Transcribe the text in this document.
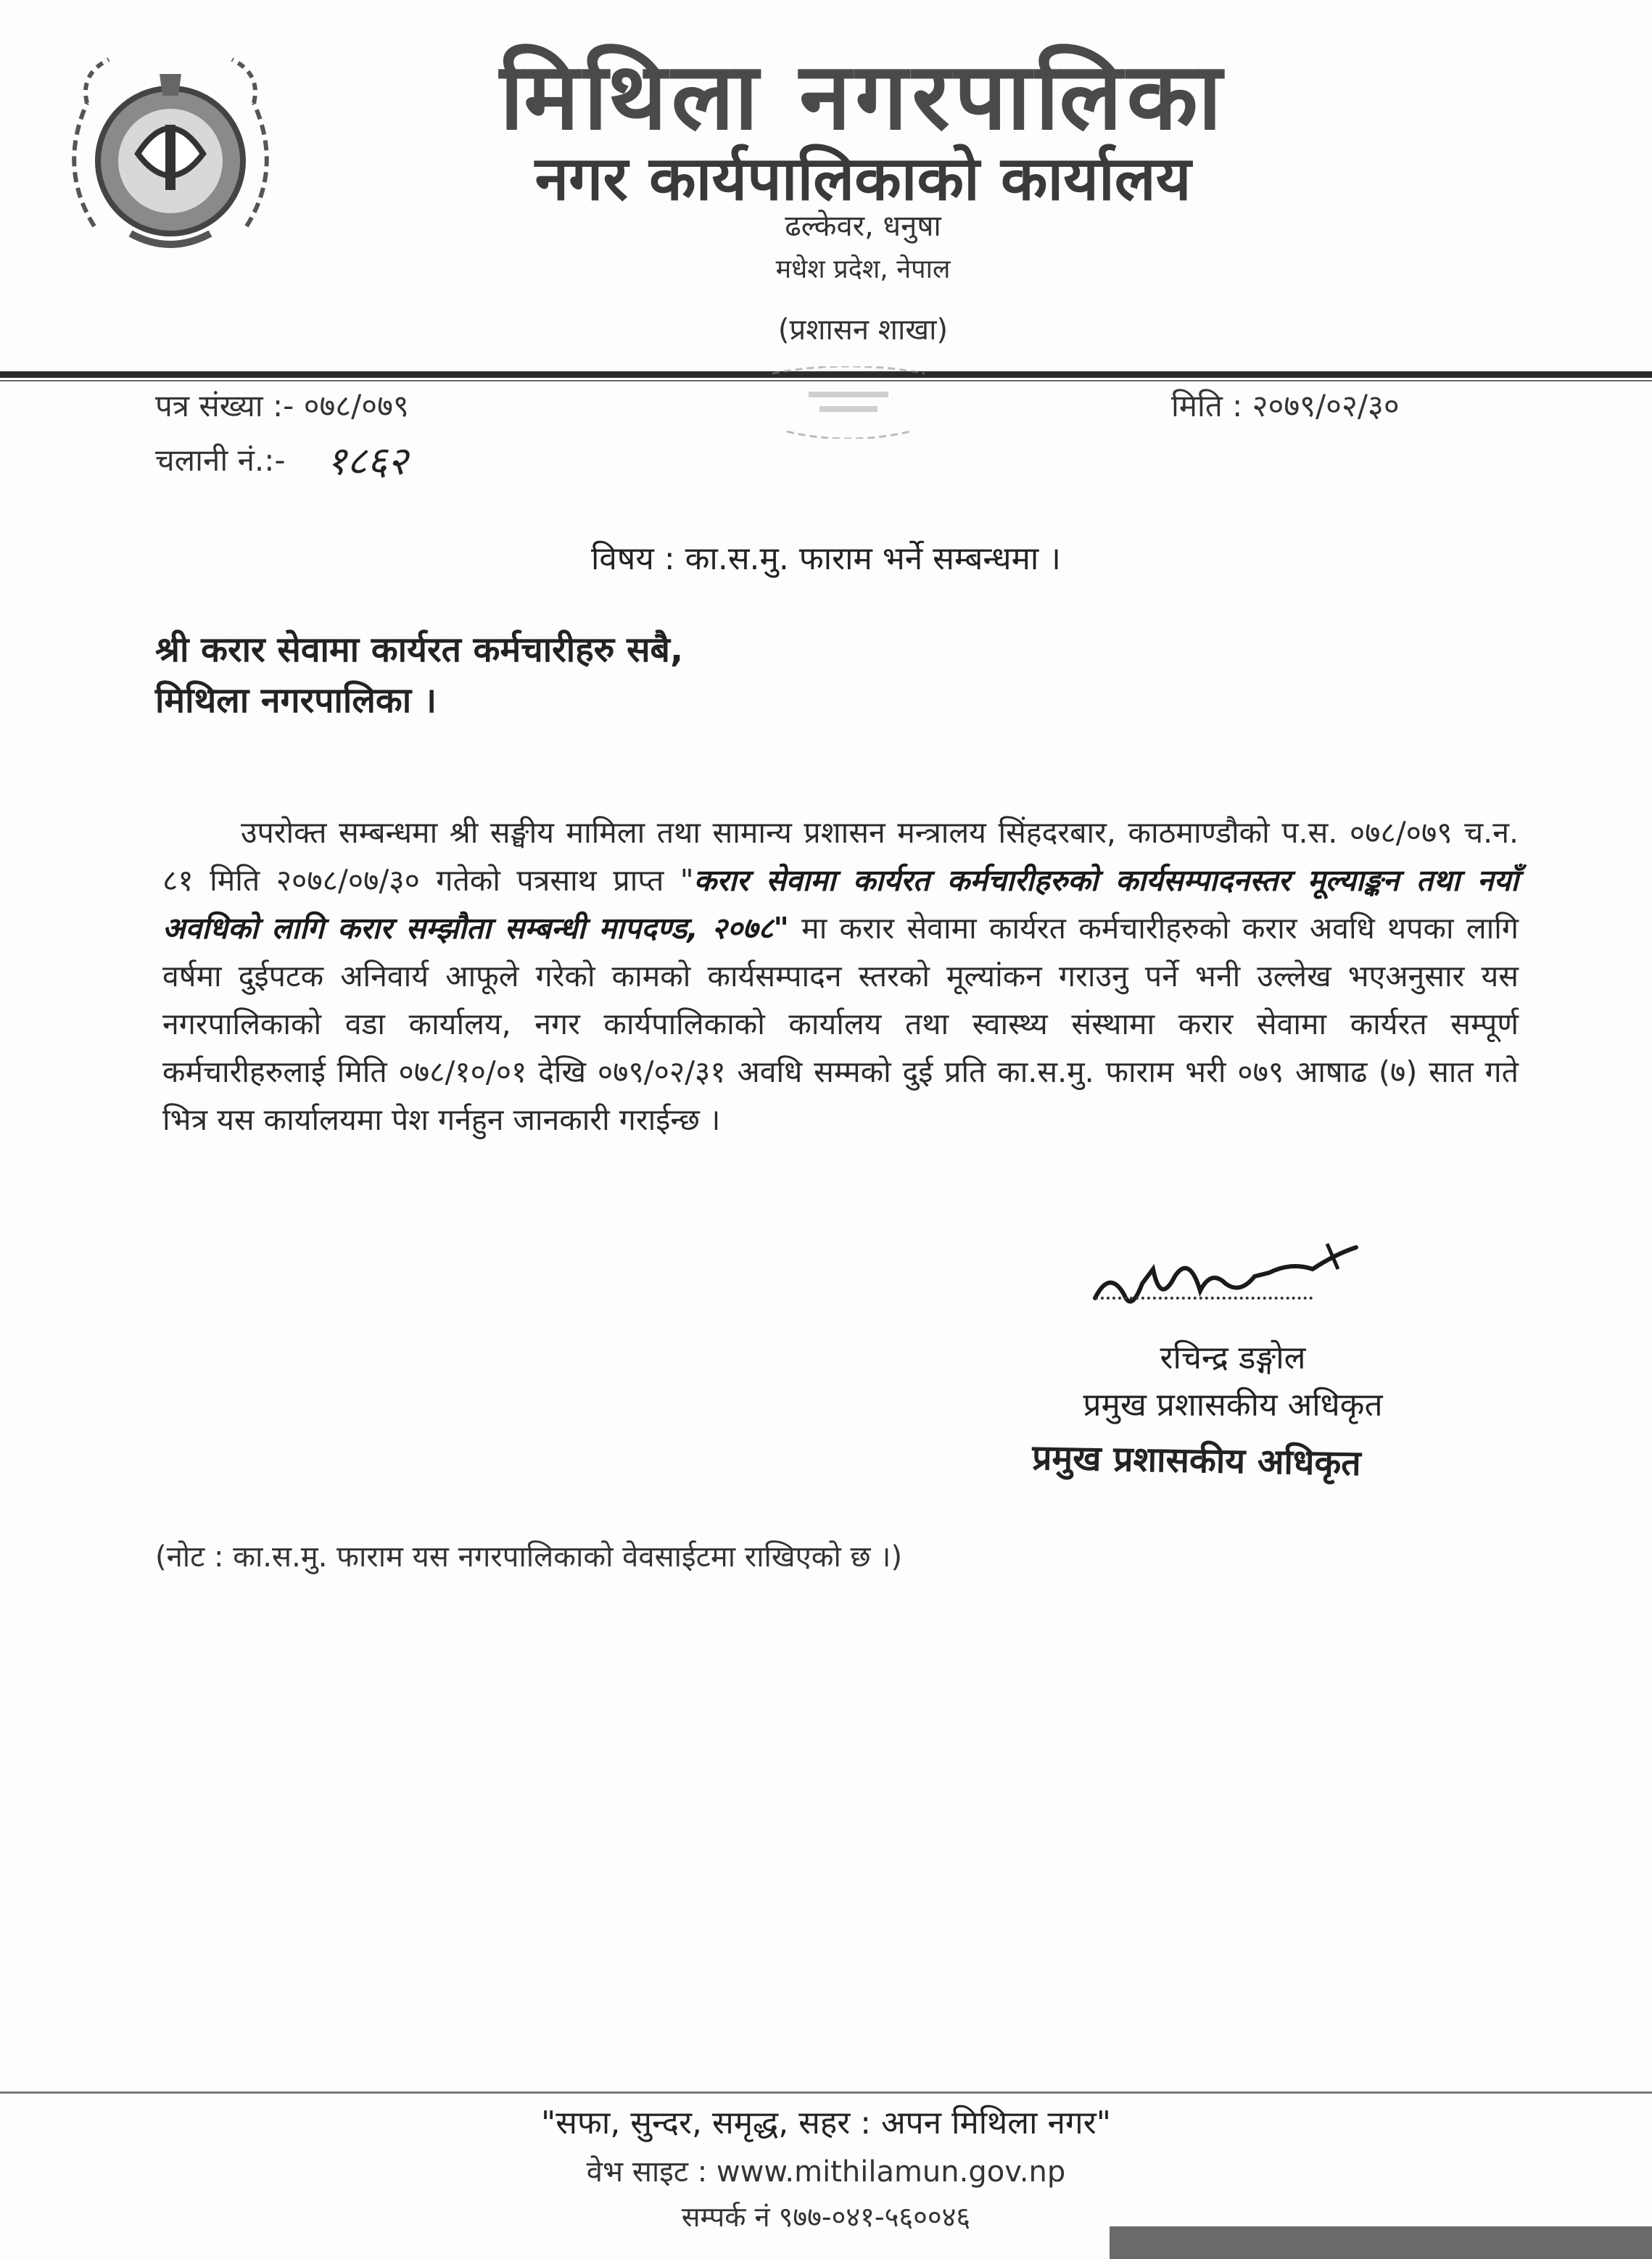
मिथिला नगरपालिका
नगर कार्यपालिकाको कार्यालय
ढल्केवर, धनुषा
मधेश प्रदेश, नेपाल
(प्रशासन शाखा)
पत्र संख्या :- ०७८/०७९
चलानी नं.:- १८६२
मिति : २०७९/०२/३०
विषय : का.स.मु. फाराम भर्ने सम्बन्धमा ।
श्री करार सेवामा कार्यरत कर्मचारीहरु सबै,
मिथिला नगरपालिका ।
उपरोक्त सम्बन्धमा श्री सङ्घीय मामिला तथा सामान्य प्रशासन मन्त्रालय सिंहदरबार, काठमाण्डौको प.स. ०७८/०७९ च.न. ८१ मिति २०७८/०७/३० गतेको पत्रसाथ प्राप्त "करार सेवामा कार्यरत कर्मचारीहरुको कार्यसम्पादनस्तर मूल्याङ्कन तथा नयाँ अवधिको लागि करार सम्झौता सम्बन्धी मापदण्ड, २०७८" मा करार सेवामा कार्यरत कर्मचारीहरुको करार अवधि थपका लागि वर्षमा दुईपटक अनिवार्य आफूले गरेको कामको कार्यसम्पादन स्तरको मूल्यांकन गराउनु पर्ने भनी उल्लेख भएअनुसार यस नगरपालिकाको वडा कार्यालय, नगर कार्यपालिकाको कार्यालय तथा स्वास्थ्य संस्थामा करार सेवामा कार्यरत सम्पूर्ण कर्मचारीहरुलाई मिति ०७८/१०/०१ देखि ०७९/०२/३१ अवधि सम्मको दुई प्रति का.स.मु. फाराम भरी ०७९ आषाढ (७) सात गते भित्र यस कार्यालयमा पेश गर्नहुन जानकारी गराईन्छ ।
रचिन्द्र डङ्गोल
प्रमुख प्रशासकीय अधिकृत
प्रमुख प्रशासकीय अधिकृत
(नोट : का.स.मु. फाराम यस नगरपालिकाको वेवसाईटमा राखिएको छ ।)
"सफा, सुन्दर, समृद्ध, सहर : अपन मिथिला नगर"
वेभ साइट : www.mithilamun.gov.np
सम्पर्क नं ९७७-०४१-५६००४६
